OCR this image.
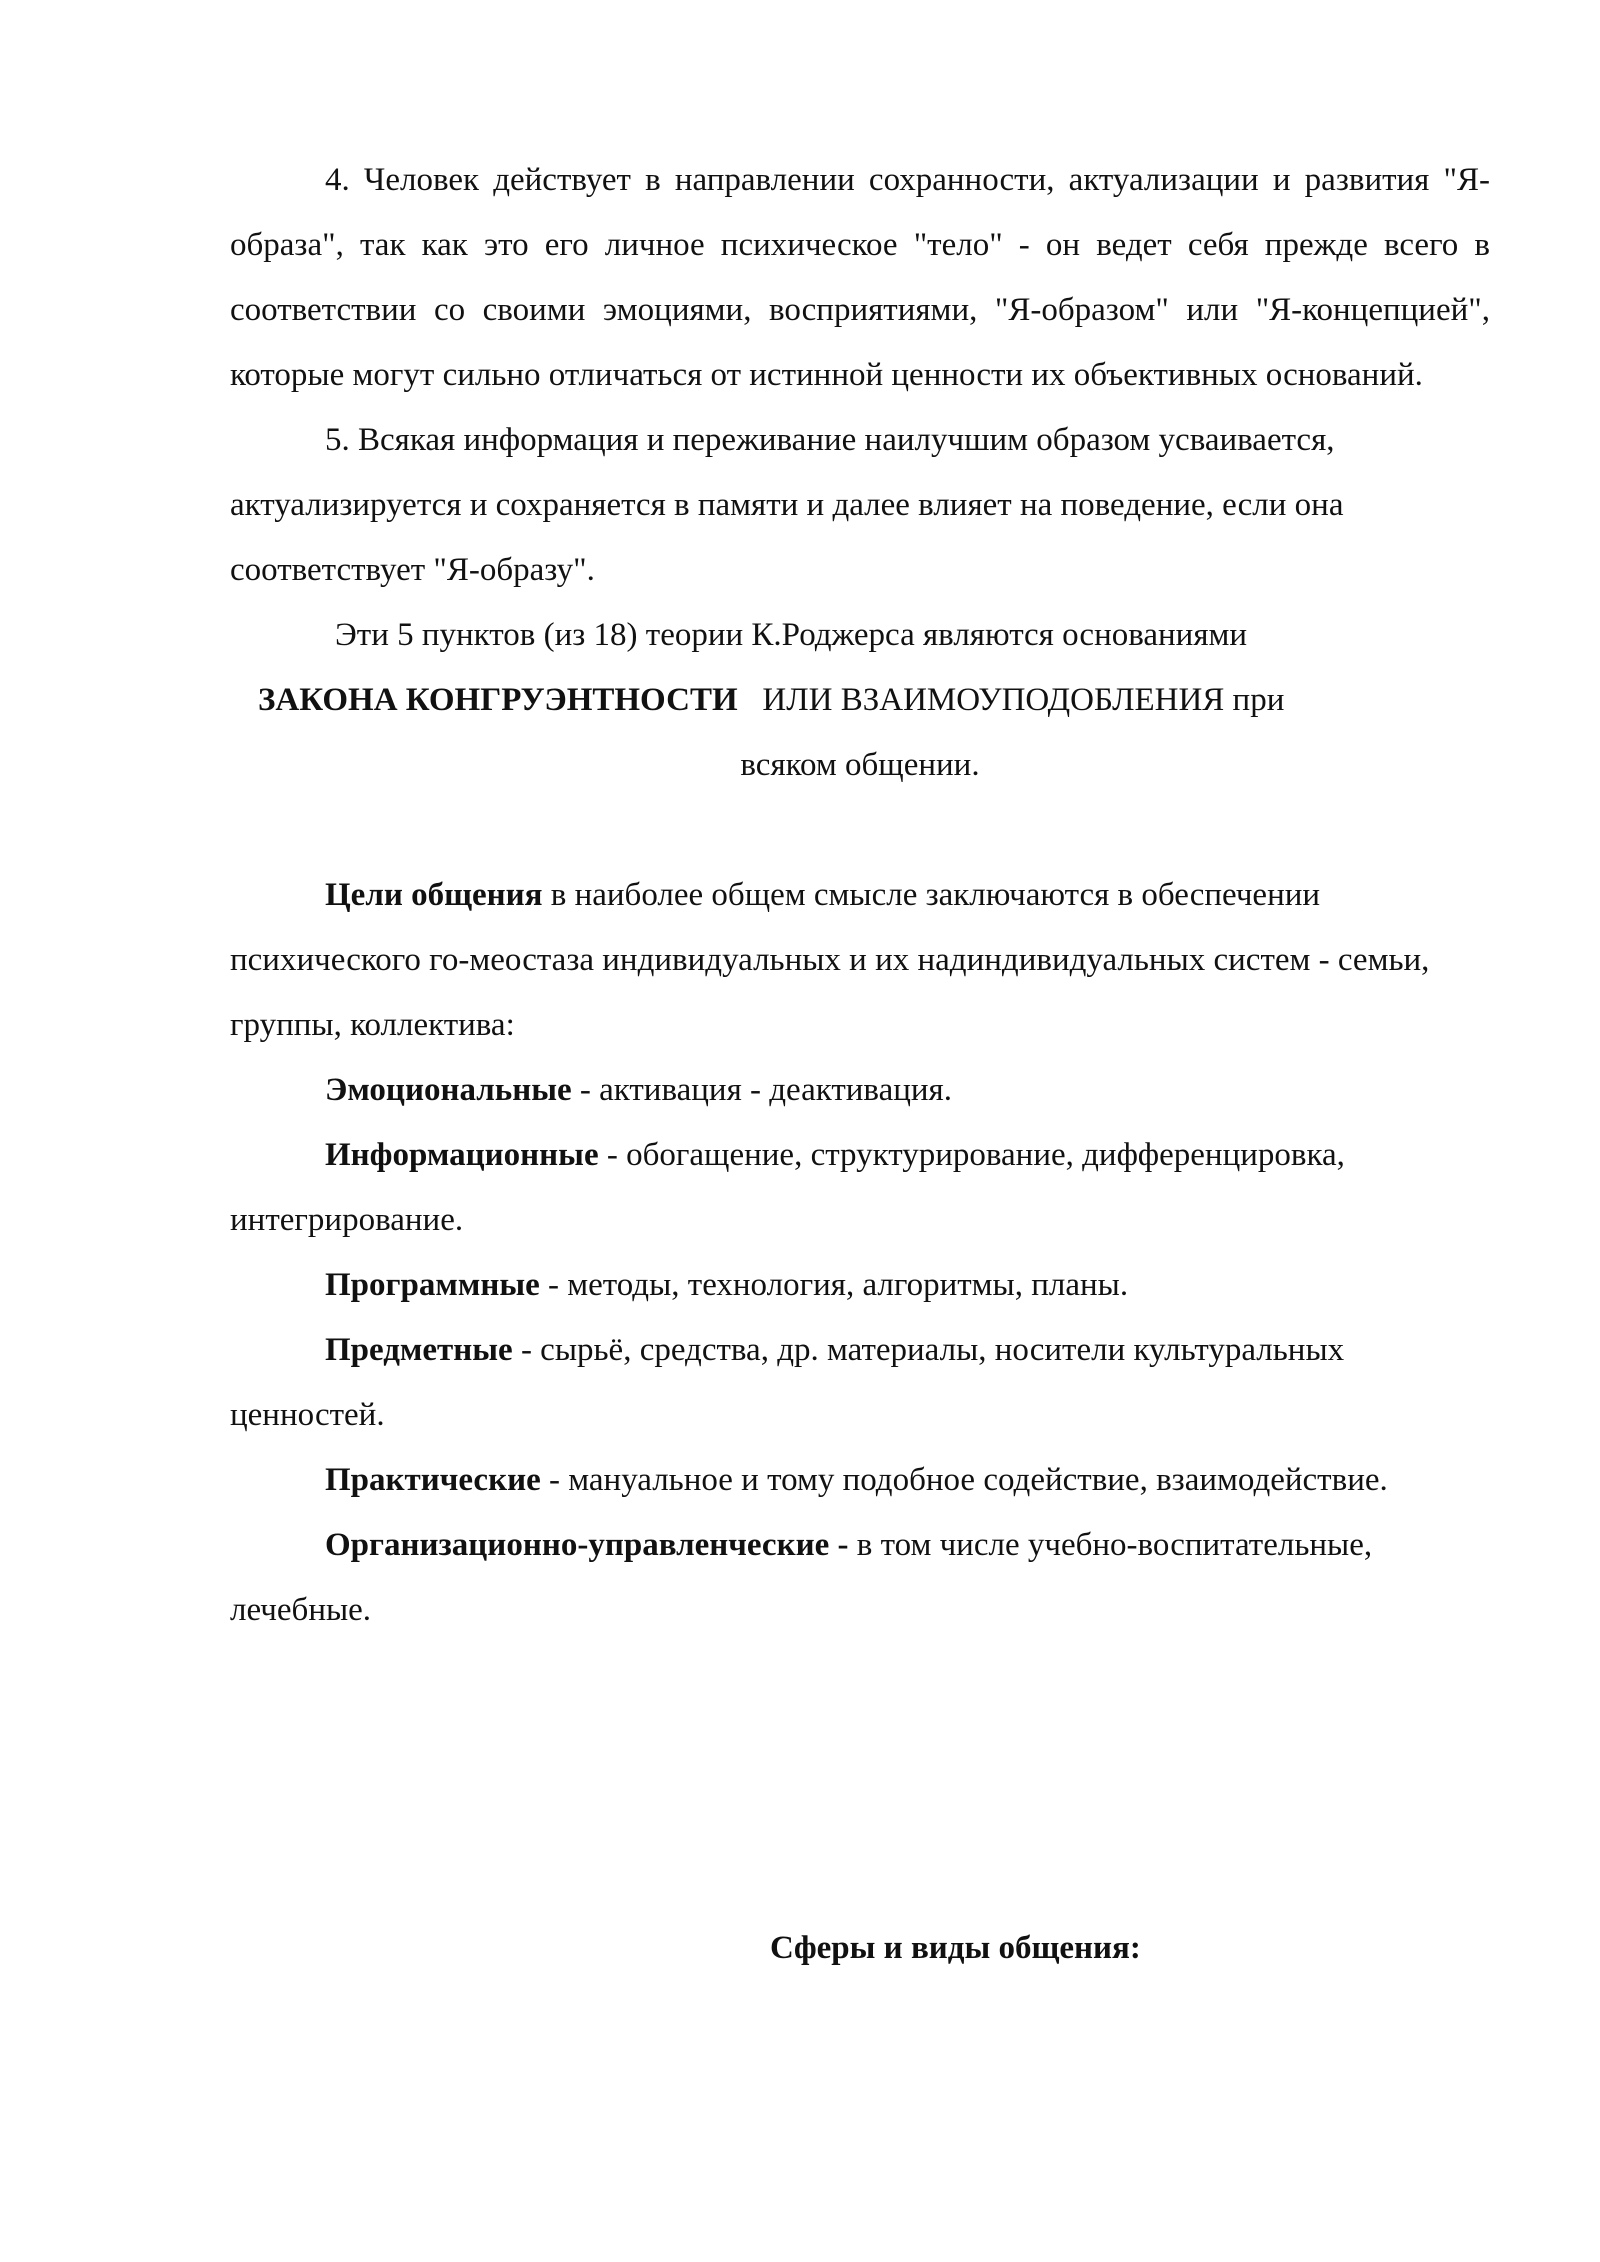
4. Человек действует в направлении сохранности, актуализации и развития "Я-образа", так как это его личное психическое "тело" - он ведет себя прежде всего в соответствии со своими эмоциями, восприятиями, "Я-образом" или "Я-концепцией", которые могут сильно отличаться от истинной ценности их объективных оснований.

5. Всякая информация и переживание наилучшим образом усваивается, актуализируется и сохраняется в памяти и далее влияет на поведение, если она соответствует "Я-образу".

Эти 5 пунктов (из 18) теории К.Роджерса являются основаниями

ЗАКОНА КОНГРУЭНТНОСТИ ИЛИ ВЗАИМОУПОДОБЛЕНИЯ при

всяком общении.

Цели общения в наиболее общем смысле заключаются в обеспечении психического го-меостаза индивидуальных и их надиндивидуальных систем - семьи, группы, коллектива:

Эмоциональные - активация - деактивация.

Информационные - обогащение, структурирование, дифференцировка, интегрирование.

Программные - методы, технология, алгоритмы, планы.

Предметные - сырьё, средства, др. материалы, носители культуральных ценностей.

Практические - мануальное и тому подобное содействие, взаимодействие.

Организационно-управленческие - в том числе учебно-воспитательные, лечебные.

Сферы и виды общения:
